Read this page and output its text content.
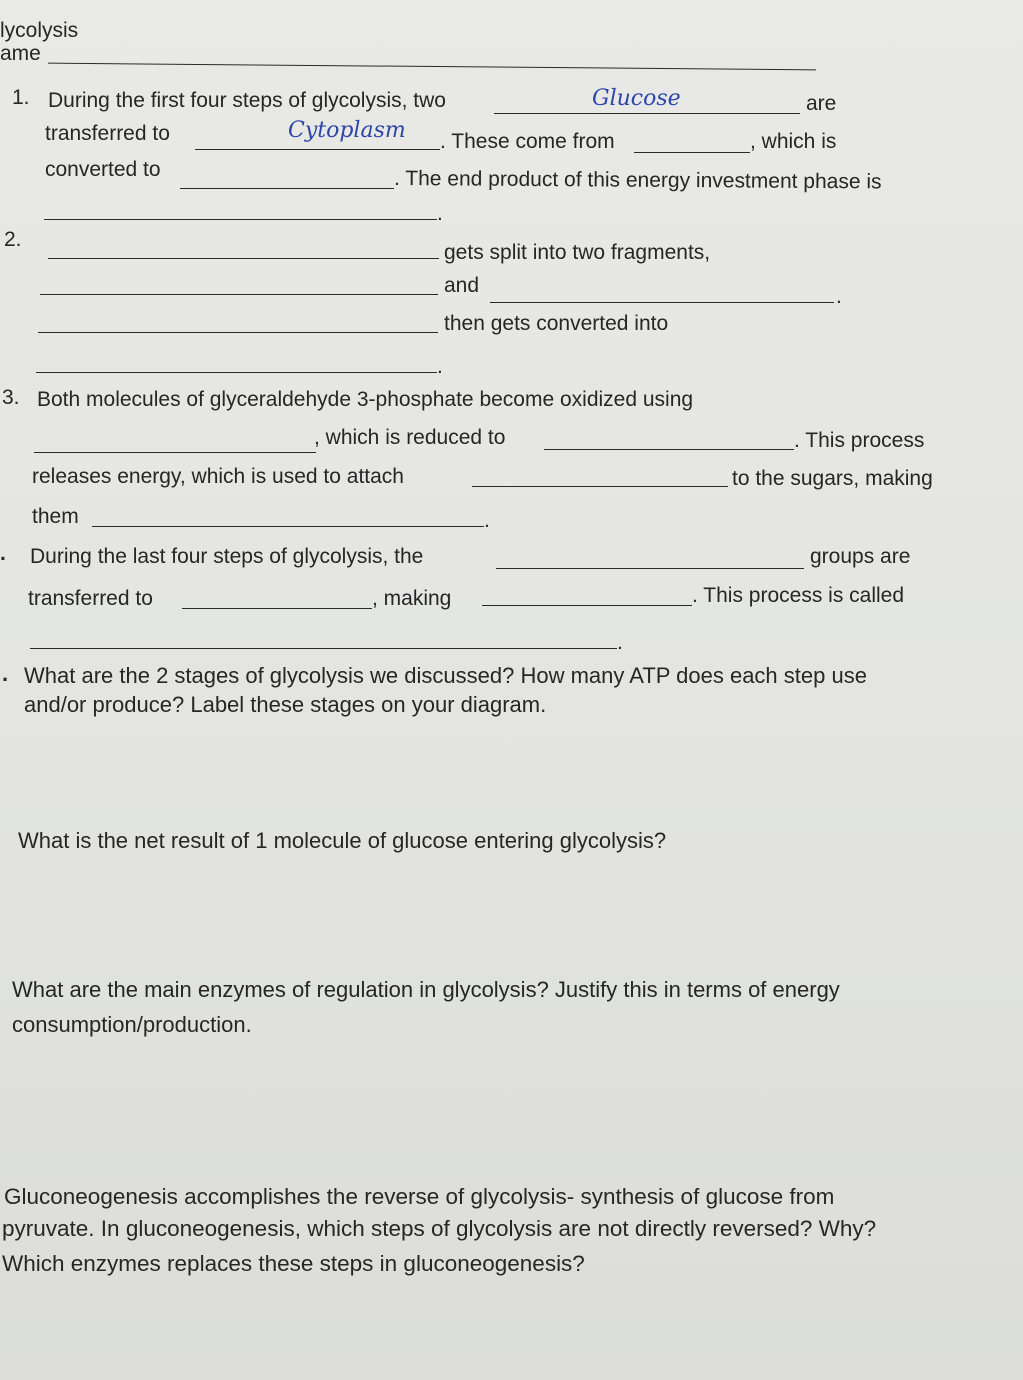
lycolysis
ame
1. During the first four steps of glycolysis, two	Glucose	are
transferred to	Cytoplasm . These come from	, which is
converted to	. The end product of this energy investment phase is
.
2.
gets split into two fragments,
and	.
then gets converted into
.
3. Both molecules of glyceraldehyde 3-phosphate become oxidized using
, which is reduced to	. This process
releases energy, which is used to attach	to the sugars, making
them	.
. During the last four steps of glycolysis, the	groups are
transferred to	, making	. This process is called
.
. What are the 2 stages of glycolysis we discussed? How many ATP does each step use
and/or produce? Label these stages on your diagram.
What is the net result of 1 molecule of glucose entering glycolysis?
What are the main enzymes of regulation in glycolysis? Justify this in terms of energy
consumption/production.
Gluconeogenesis accomplishes the reverse of glycolysis- synthesis of glucose from
pyruvate. In gluconeogenesis, which steps of glycolysis are not directly reversed? Why?
Which enzymes replaces these steps in gluconeogenesis?
